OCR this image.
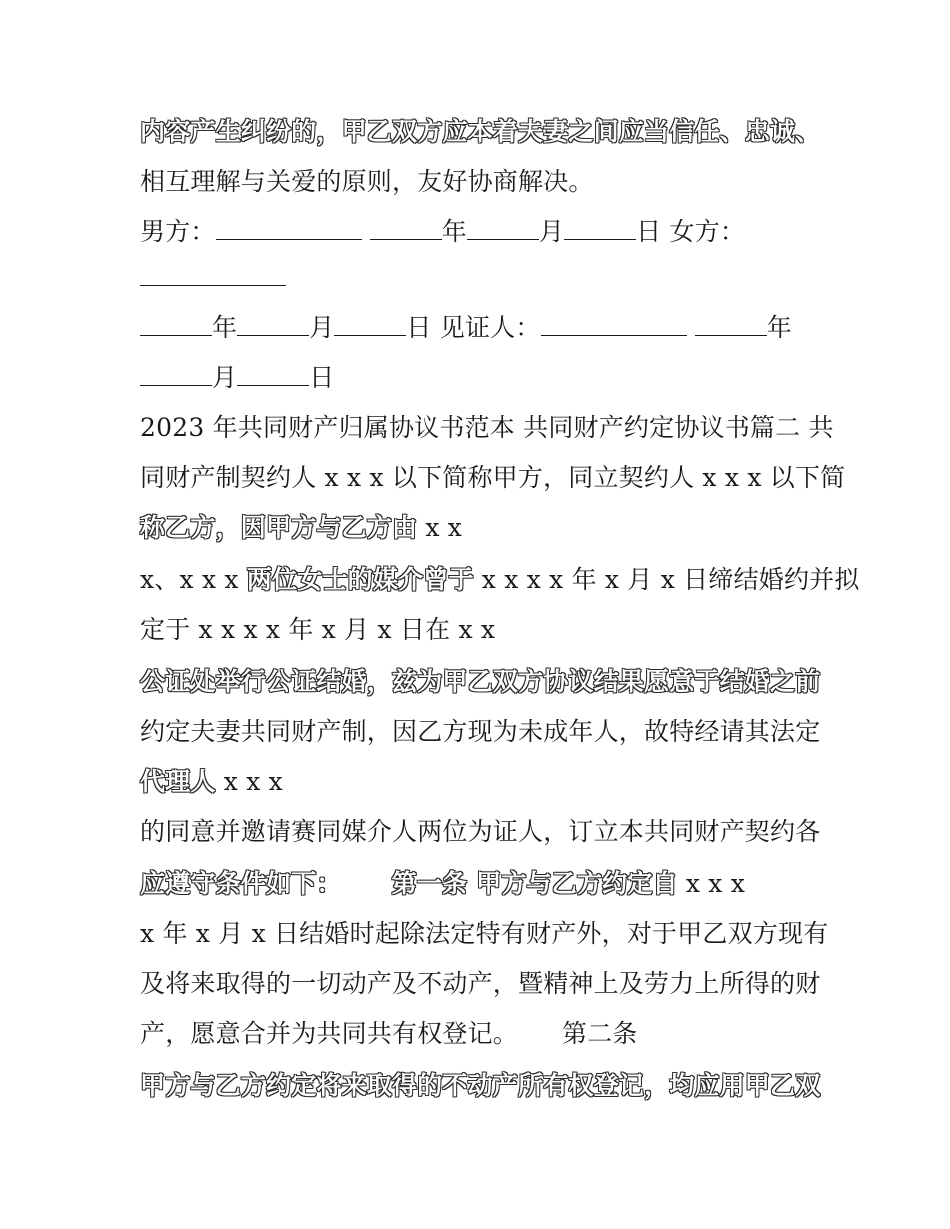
内容产生纠纷的，甲乙双方应本着夫妻之间应当信任、忠诚、
相互理解与关爱的原则，友好协商解决。
男方：	年	月	日 女方：
年	月	日 见证人：	年
月	日
2023 年共同财产归属协议书范本 共同财产约定协议书篇二 共
同财产制契约人 x x x 以下简称甲方，同立契约人 x x x 以下简
称乙方，因甲方与乙方由 x x
x、x x x 两位女士的媒介曾于 x x x x 年 x 月 x 日缔结婚约并拟
定于 x x x x 年 x 月 x 日在 x x
公证处举行公证结婚，兹为甲乙双方协议结果愿意于结婚之前
约定夫妻共同财产制，因乙方现为未成年人，故特经请其法定
代理人 x x x
的同意并邀请赛同媒介人两位为证人，订立本共同财产契约各
应遵守条件如下： 第一条 甲方与乙方约定自 x x x
x 年 x 月 x 日结婚时起除法定特有财产外，对于甲乙双方现有
及将来取得的一切动产及不动产，暨精神上及劳力上所得的财
产，愿意合并为共同共有权登记。 第二条
甲方与乙方约定将来取得的不动产所有权登记，均应用甲乙双
